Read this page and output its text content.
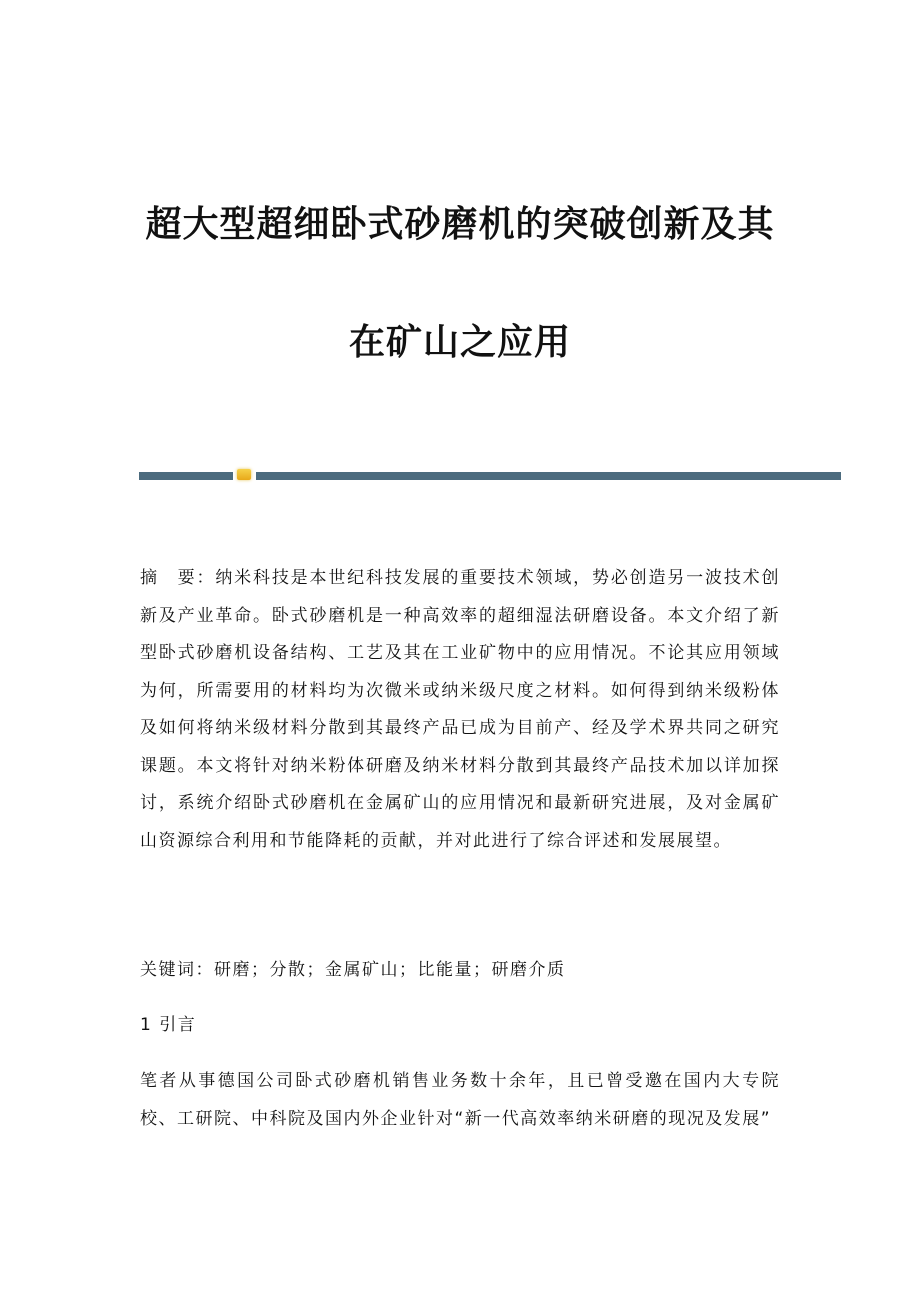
超大型超细卧式砂磨机的突破创新及其
在矿山之应用
摘　要：纳米科技是本世纪科技发展的重要技术领域，势必创造另一波技术创新及产业革命。卧式砂磨机是一种高效率的超细湿法研磨设备。本文介绍了新型卧式砂磨机设备结构、工艺及其在工业矿物中的应用情况。不论其应用领域为何，所需要用的材料均为次微米或纳米级尺度之材料。如何得到纳米级粉体及如何将纳米级材料分散到其最终产品已成为目前产、经及学术界共同之研究课题。本文将针对纳米粉体研磨及纳米材料分散到其最终产品技术加以详加探讨，系统介绍卧式砂磨机在金属矿山的应用情况和最新研究进展，及对金属矿山资源综合利用和节能降耗的贡献，并对此进行了综合评述和发展展望。
关键词：研磨；分散；金属矿山；比能量；研磨介质
1 引言
笔者从事德国公司卧式砂磨机销售业务数十余年，且已曾受邀在国内大专院校、工研院、中科院及国内外企业针对“新一代高效率纳米研磨的现况及发展”
